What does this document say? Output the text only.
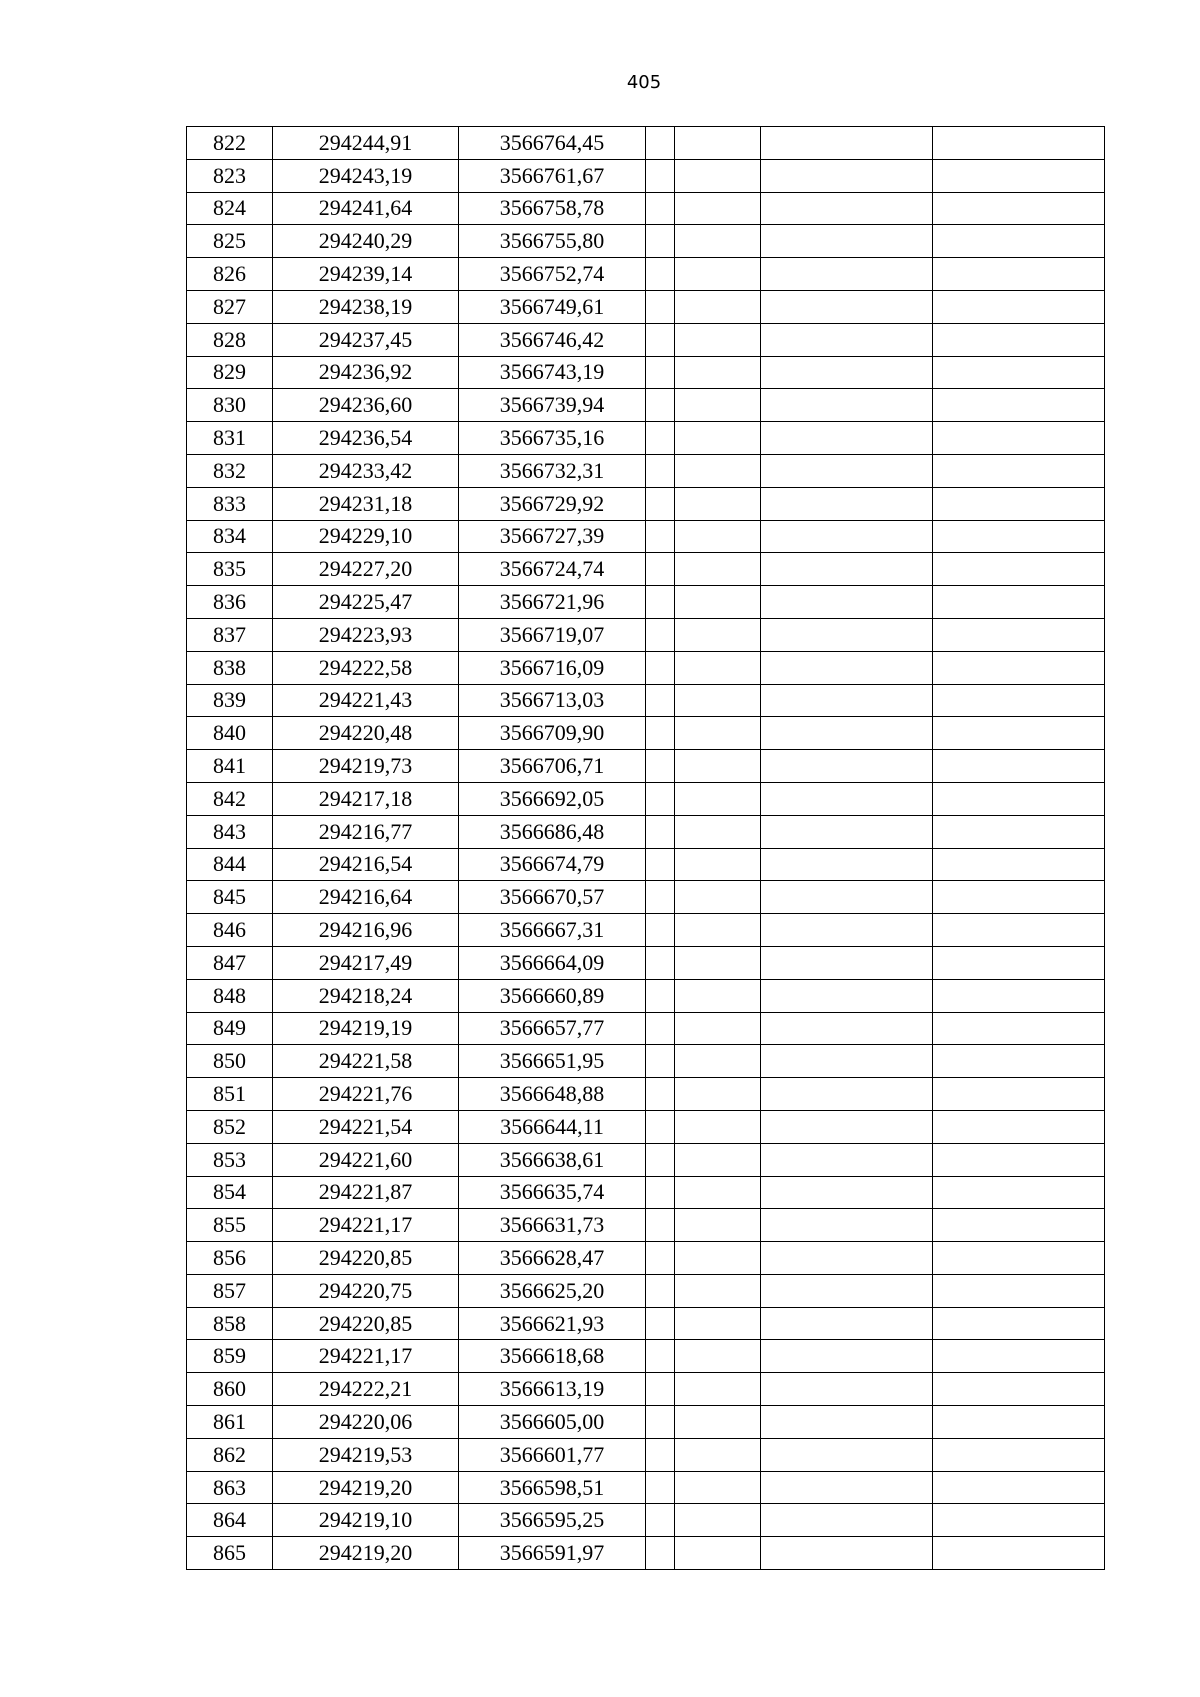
405
822	294244,91	3566764,45				
823	294243,19	3566761,67				
824	294241,64	3566758,78				
825	294240,29	3566755,80				
826	294239,14	3566752,74				
827	294238,19	3566749,61				
828	294237,45	3566746,42				
829	294236,92	3566743,19				
830	294236,60	3566739,94				
831	294236,54	3566735,16				
832	294233,42	3566732,31				
833	294231,18	3566729,92				
834	294229,10	3566727,39				
835	294227,20	3566724,74				
836	294225,47	3566721,96				
837	294223,93	3566719,07				
838	294222,58	3566716,09				
839	294221,43	3566713,03				
840	294220,48	3566709,90				
841	294219,73	3566706,71				
842	294217,18	3566692,05				
843	294216,77	3566686,48				
844	294216,54	3566674,79				
845	294216,64	3566670,57				
846	294216,96	3566667,31				
847	294217,49	3566664,09				
848	294218,24	3566660,89				
849	294219,19	3566657,77				
850	294221,58	3566651,95				
851	294221,76	3566648,88				
852	294221,54	3566644,11				
853	294221,60	3566638,61				
854	294221,87	3566635,74				
855	294221,17	3566631,73				
856	294220,85	3566628,47				
857	294220,75	3566625,20				
858	294220,85	3566621,93				
859	294221,17	3566618,68				
860	294222,21	3566613,19				
861	294220,06	3566605,00				
862	294219,53	3566601,77				
863	294219,20	3566598,51				
864	294219,10	3566595,25				
865	294219,20	3566591,97				
